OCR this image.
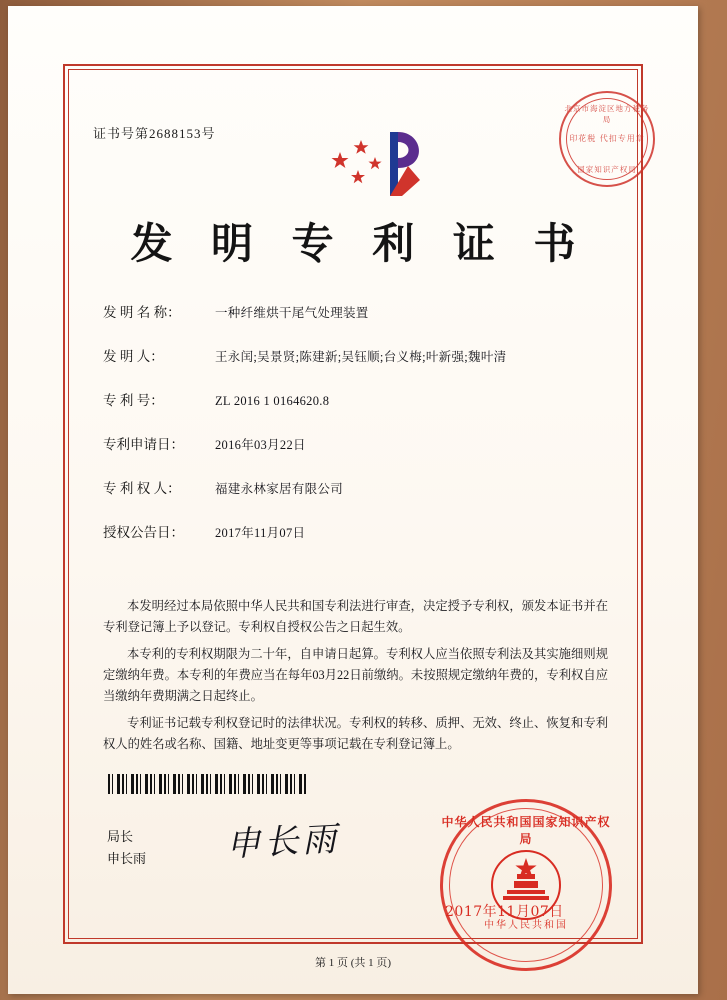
证书号第2688153号
北京市海淀区地方税务局
印花税 代扣专用章
国家知识产权局
发 明 专 利 证 书
发 明 名 称：	一种纤维烘干尾气处理装置
发 明 人：	王永闰;吴景贤;陈建新;吴钰顺;台义梅;叶新强;魏叶清
专 利 号：	ZL 2016 1 0164620.8
专利申请日：	2016年03月22日
专 利 权 人：	福建永林家居有限公司
授权公告日：	2017年11月07日

本发明经过本局依照中华人民共和国专利法进行审查，决定授予专利权，颁发本证书并在专利登记簿上予以登记。专利权自授权公告之日起生效。

本专利的专利权期限为二十年，自申请日起算。专利权人应当依照专利法及其实施细则规定缴纳年费。本专利的年费应当在每年03月22日前缴纳。未按照规定缴纳年费的，专利权自应当缴纳年费期满之日起终止。

专利证书记载专利权登记时的法律状况。专利权的转移、质押、无效、终止、恢复和专利权人的姓名或名称、国籍、地址变更等事项记载在专利登记簿上。

局长
申长雨 申长雨	中华人民共和国国家知识产权局
中华人民共和国
2017年11月07日
第 1 页 (共 1 页)
